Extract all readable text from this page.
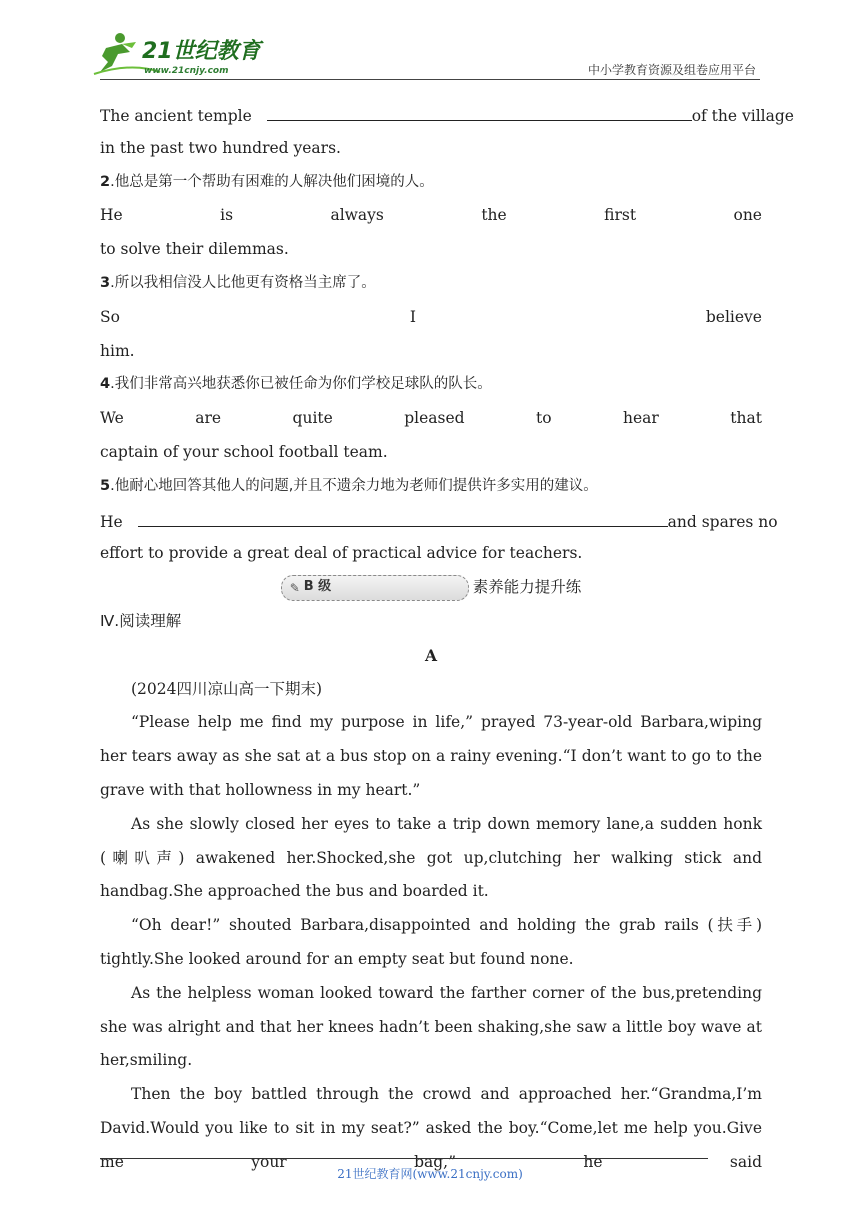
21世纪教育
www.21cnjy.com	中小学教育资源及组卷应用平台
The ancient temple	of the village
in the past two hundred years.
2.他总是第一个帮助有困难的人解决他们困境的人。
He	is	always	the	first	one
to solve their dilemmas.
3.所以我相信没人比他更有资格当主席了。
So	I	believe
him.
4.我们非常高兴地获悉你已被任命为你们学校足球队的队长。
We	are	quite	pleased	to	hear	that
captain of your school football team.
5.他耐心地回答其他人的问题,并且不遗余力地为老师们提供许多实用的建议。
He	and spares no
effort to provide a great deal of practical advice for teachers.
✎ B 级	素养能力提升练
Ⅳ.阅读理解
A
(2024四川凉山高一下期末)

“Please help me find my purpose in life,” prayed 73-year-old Barbara,wiping her tears away as she sat at a bus stop on a rainy evening.“I don’t want to go to the grave with that hollowness in my heart.”

As she slowly closed her eyes to take a trip down memory lane,a sudden honk (喇叭声) awakened her.Shocked,she got up,clutching her walking stick and handbag.She approached the bus and boarded it.

“Oh dear!” shouted Barbara,disappointed and holding the grab rails (扶手) tightly.She looked around for an empty seat but found none.

As the helpless woman looked toward the farther corner of the bus,pretending she was alright and that her knees hadn’t been shaking,she saw a little boy wave at her,smiling.

Then the boy battled through the crowd and approached her.“Grandma,I’m David.Would you like to sit in my seat?” asked the boy.“Come,let me help you.Give me your bag,” he said

21世纪教育网(www.21cnjy.com)
